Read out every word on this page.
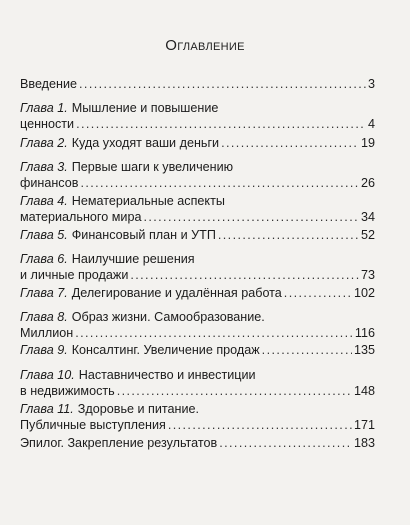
Оглавление
Введение .....	3
Глава 1. Мышление и повышение
ценности .....	4
Глава 2. Куда уходят ваши деньги .....	19
Глава 3. Первые шаги к увеличению
финансов .....	26
Глава 4. Нематериальные аспекты
материального мира .....	34
Глава 5. Финансовый план и УТП .....	52
Глава 6. Наилучшие решения
и личные продажи .....	73
Глава 7. Делегирование и удалённая работа .....	102
Глава 8. Образ жизни. Самообразование.
Миллион .....	116
Глава 9. Консалтинг. Увеличение продаж .....	135
Глава 10. Наставничество и инвестиции
в недвижимость .....	148
Глава 11. Здоровье и питание.
Публичные выступления .....	171
Эпилог. Закрепление результатов .....	183
